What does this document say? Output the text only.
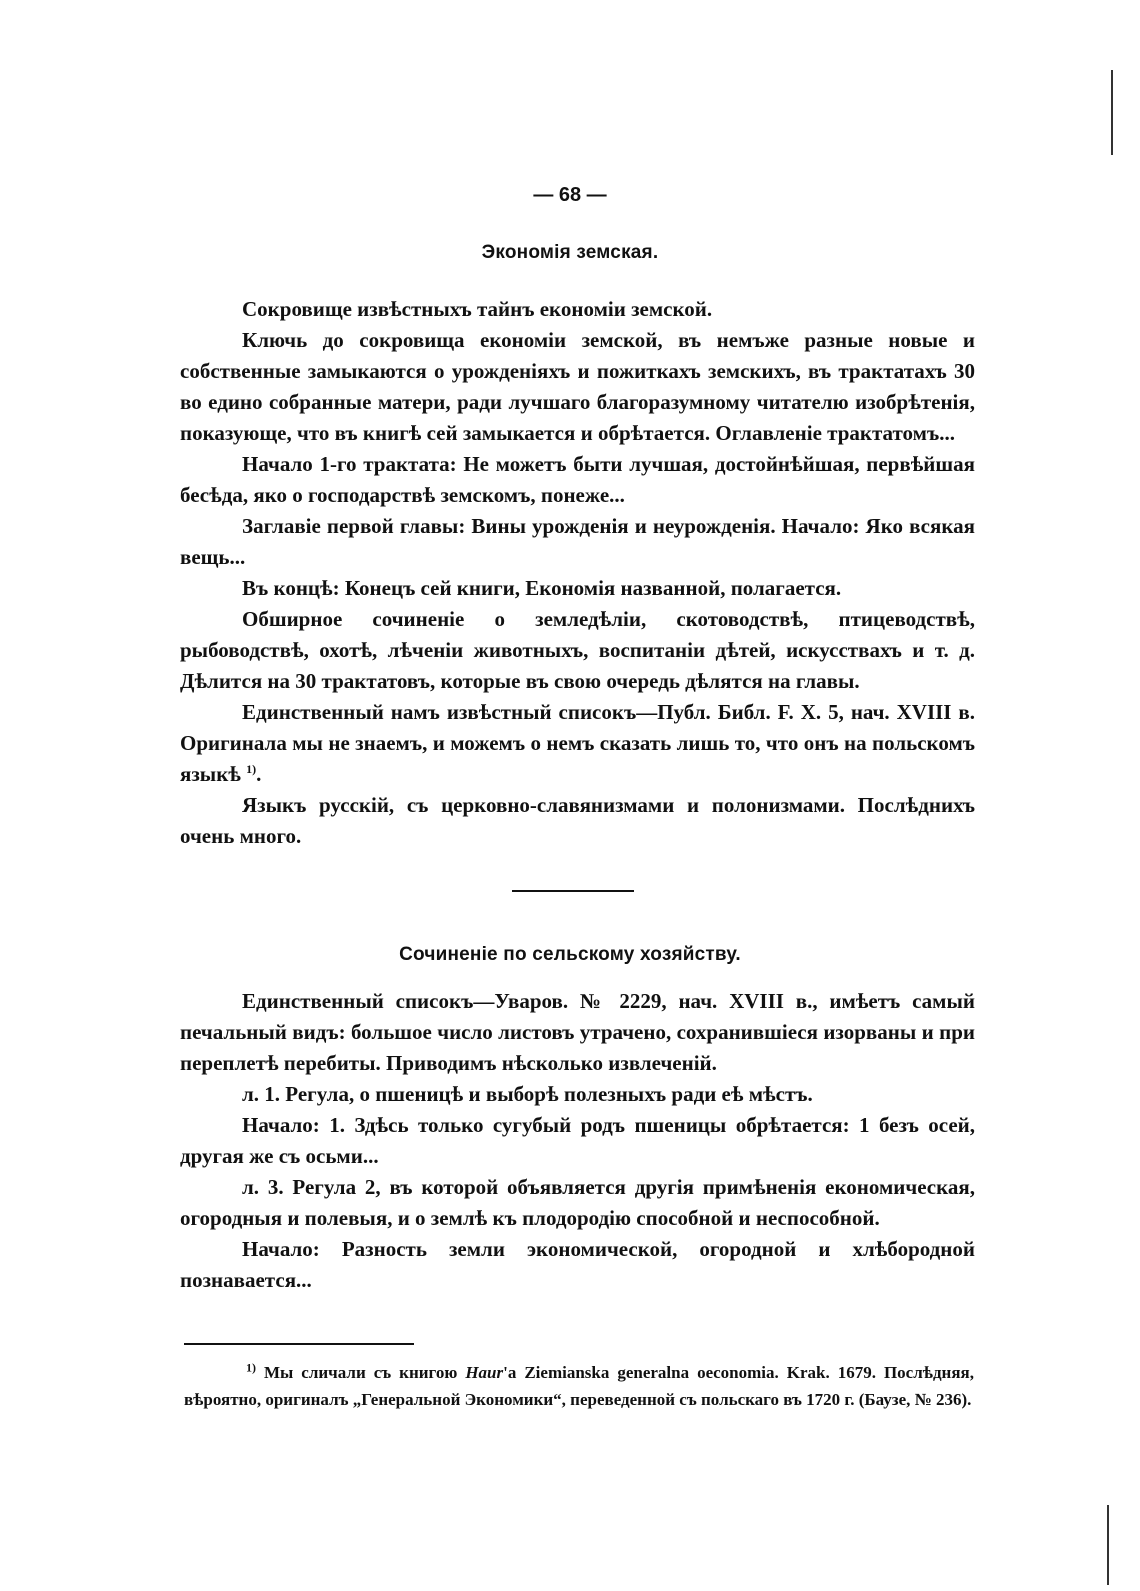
— 68 —
Экономія земская.

Сокровище извѣстныхъ тайнъ економіи земской.

Ключь до сокровища економіи земской, въ немъже разные новые и собственные замыкаются о урожденіяхъ и пожиткахъ земскихъ, въ трактатахъ 30 во едино собранные матери, ради лучшаго благоразумному читателю изобрѣтенія, показующе, что въ книгѣ сей замыкается и обрѣтается. Оглавленіе трактатомъ...

Начало 1-го трактата: Не можетъ быти лучшая, достойнѣйшая, первѣйшая бесѣда, яко о господарствѣ земскомъ, понеже...

Заглавіе первой главы: Вины урожденія и неурожденія. Начало: Яко всякая вещь...

Въ концѣ: Конецъ сей книги, Економія названной, полагается.

Обширное сочиненіе о земледѣліи, скотоводствѣ, птицеводствѣ, рыбоводствѣ, охотѣ, лѣченіи животныхъ, воспитаніи дѣтей, искусствахъ и т. д. Дѣлится на 30 трактатовъ, которые въ свою очередь дѣлятся на главы.

Единственный намъ извѣстный списокъ—Публ. Библ. F. X. 5, нач. XVIII в. Оригинала мы не знаемъ, и можемъ о немъ сказать лишь то, что онъ на польскомъ языкѣ $^{1)}$.

Языкъ русскій, съ церковно-славянизмами и полонизмами. Послѣднихъ очень много.

Сочиненіе по сельскому хозяйству.

Единственный списокъ—Уваров. № 2229, нач. XVIII в., имѣетъ самый печальный видъ: большое число листовъ утрачено, сохранившіеся изорваны и при переплетѣ перебиты. Приводимъ нѣсколько извлеченій.

л. 1. Регула, о пшеницѣ и выборѣ полезныхъ ради еѣ мѣстъ.

Начало: 1. Здѣсь только сугубый родъ пшеницы обрѣтается: 1 безъ осей, другая же съ осьми...

л. 3. Регула 2, въ которой объявляется другія примѣненія економическая, огородныя и полевыя, и о землѣ къ плодородію способной и неспособной.

Начало: Разность земли экономической, огородной и хлѣбородной познавается...

$^{1)}$ Мы сличали съ книгою Haur'a Ziemianska generalna oeconomia. Krak. 1679. Послѣдняя, вѣроятно, оригиналъ „Генеральной Экономики“, переведенной съ польскаго въ 1720 г. (Баузе, № 236).
